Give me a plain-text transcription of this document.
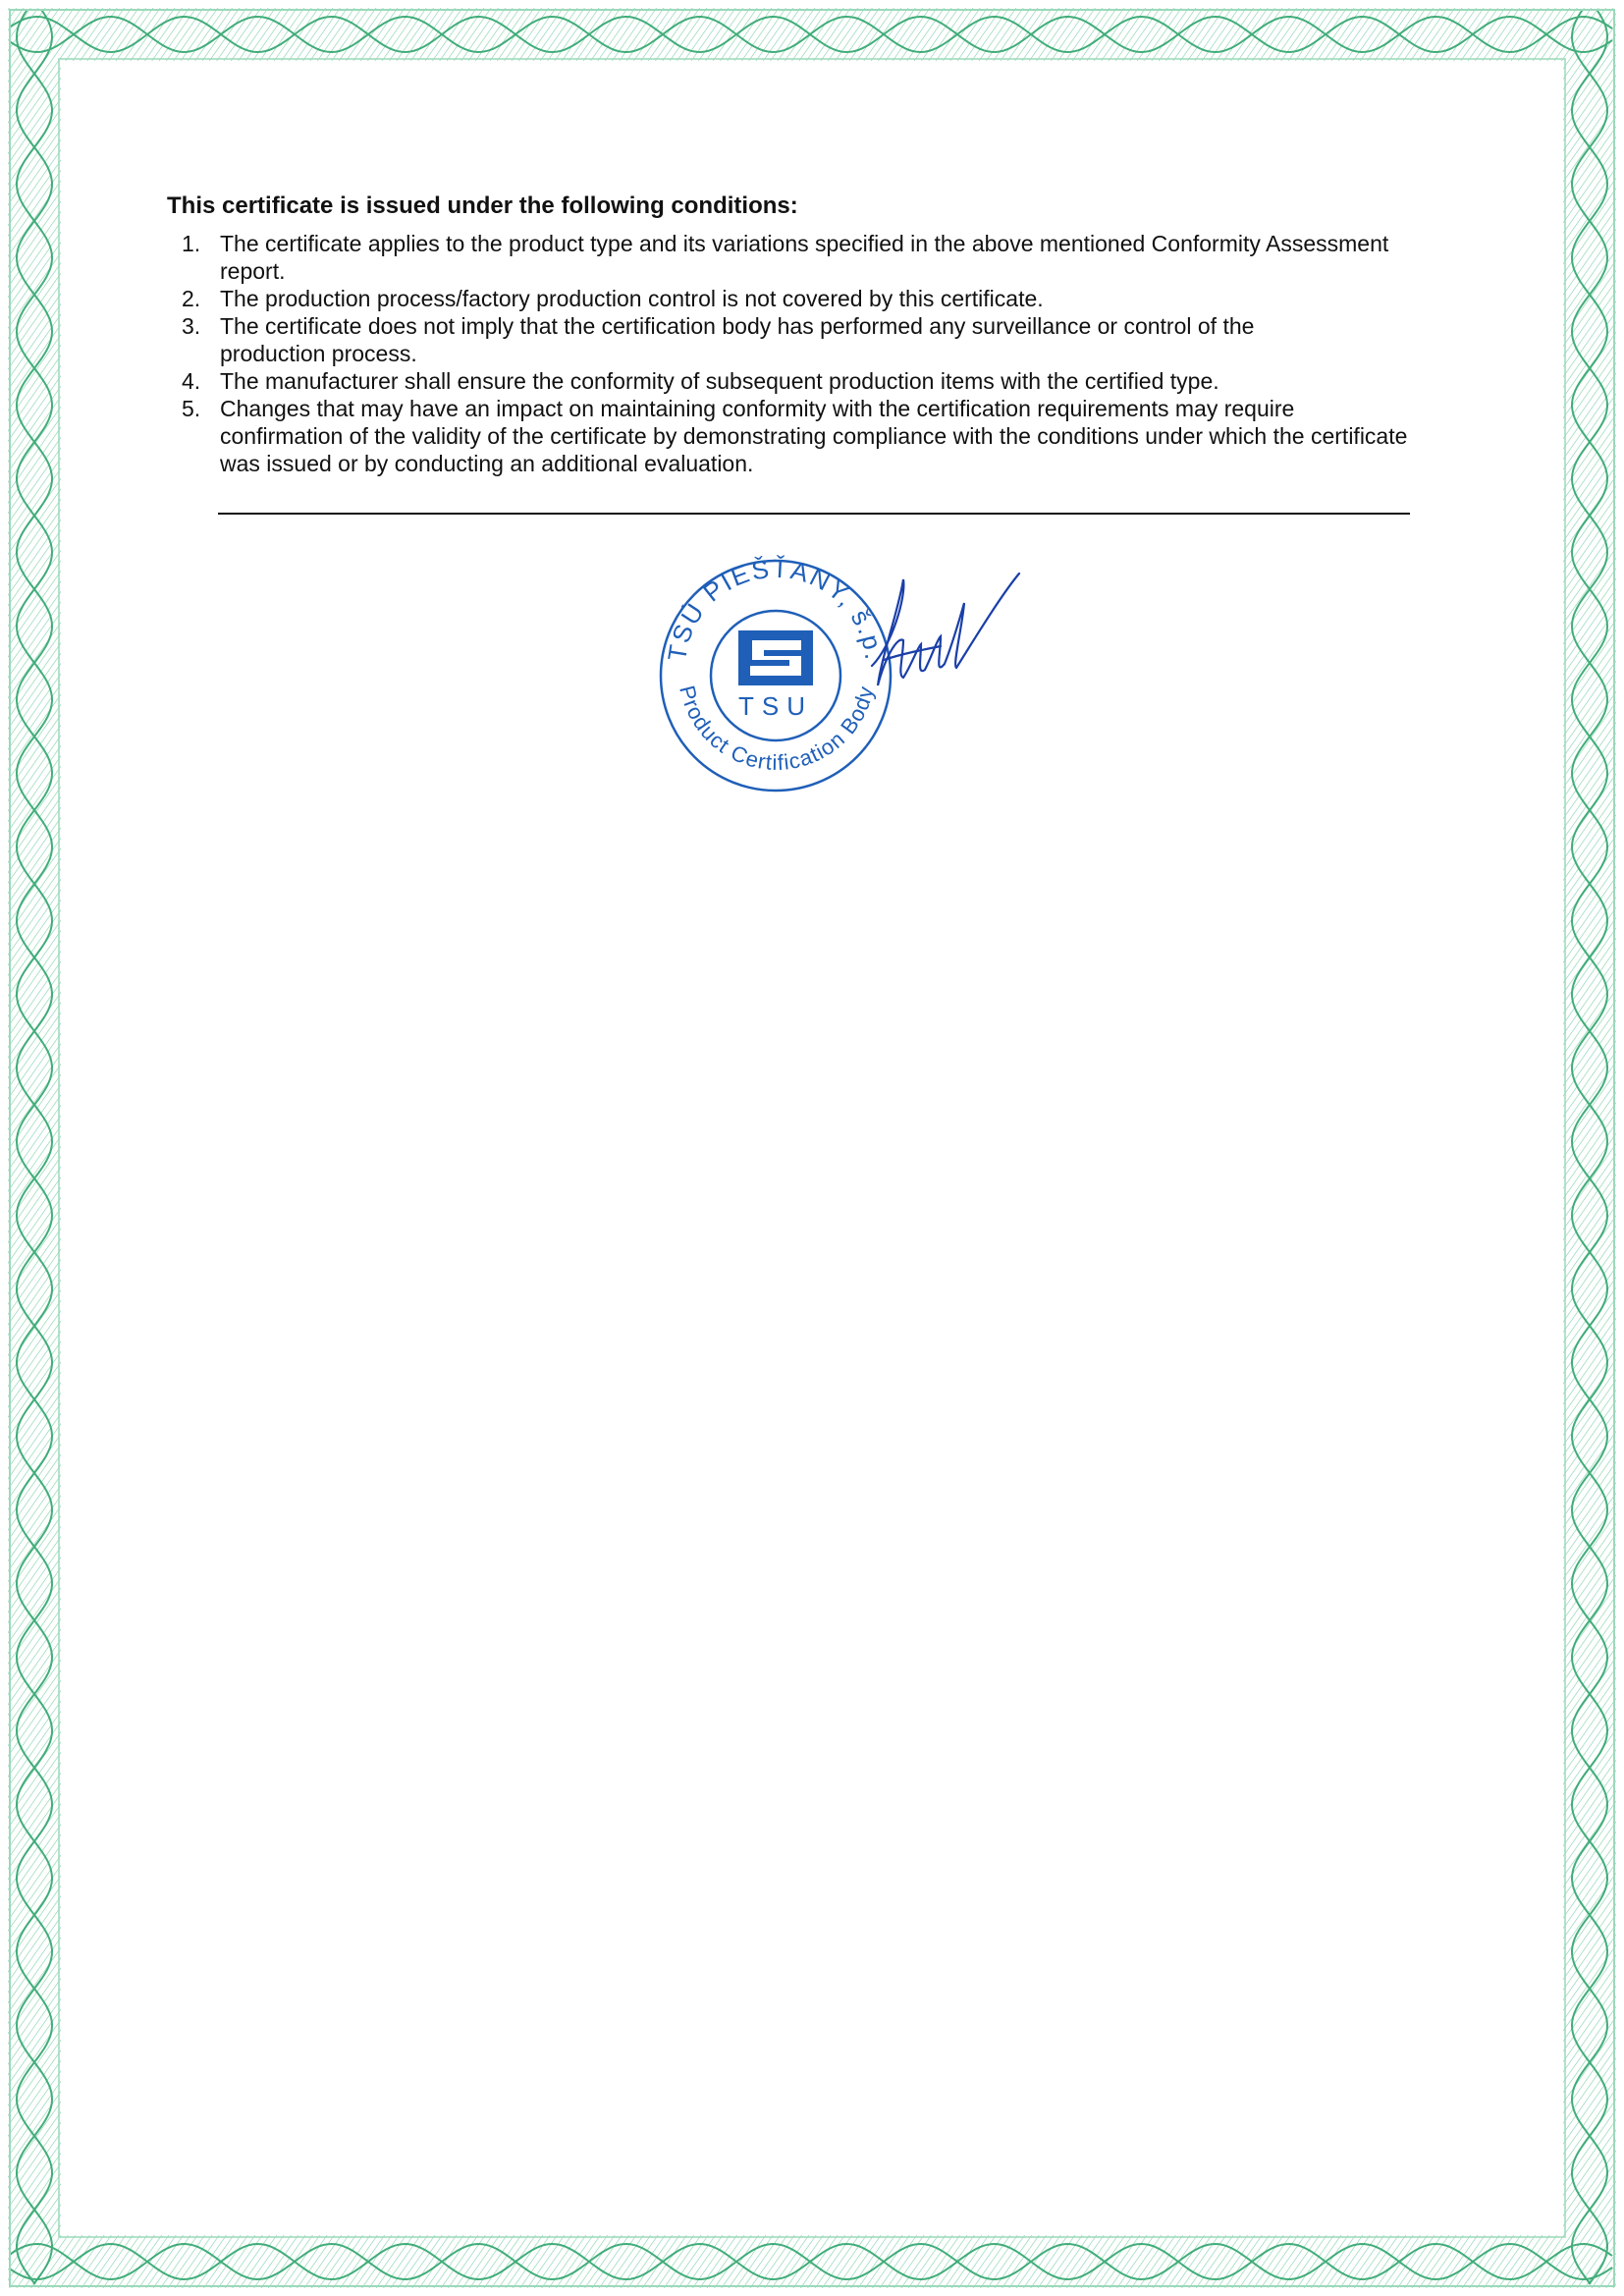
This certificate is issued under the following conditions:
1. The certificate applies to the product type and its variations specified in the above mentioned Conformity Assessment report.
2. The production process/factory production control is not covered by this certificate.
3. The certificate does not imply that the certification body has performed any surveillance or control of the production process.
4. The manufacturer shall ensure the conformity of subsequent production items with the certified type.
5. Changes that may have an impact on maintaining conformity with the certification requirements may require confirmation of the validity of the certificate by demonstrating compliance with the conditions under which the certificate was issued or by conducting an additional evaluation.
TSÚ PIEŠŤANY, š.p.
Product Certification Body
TSU
